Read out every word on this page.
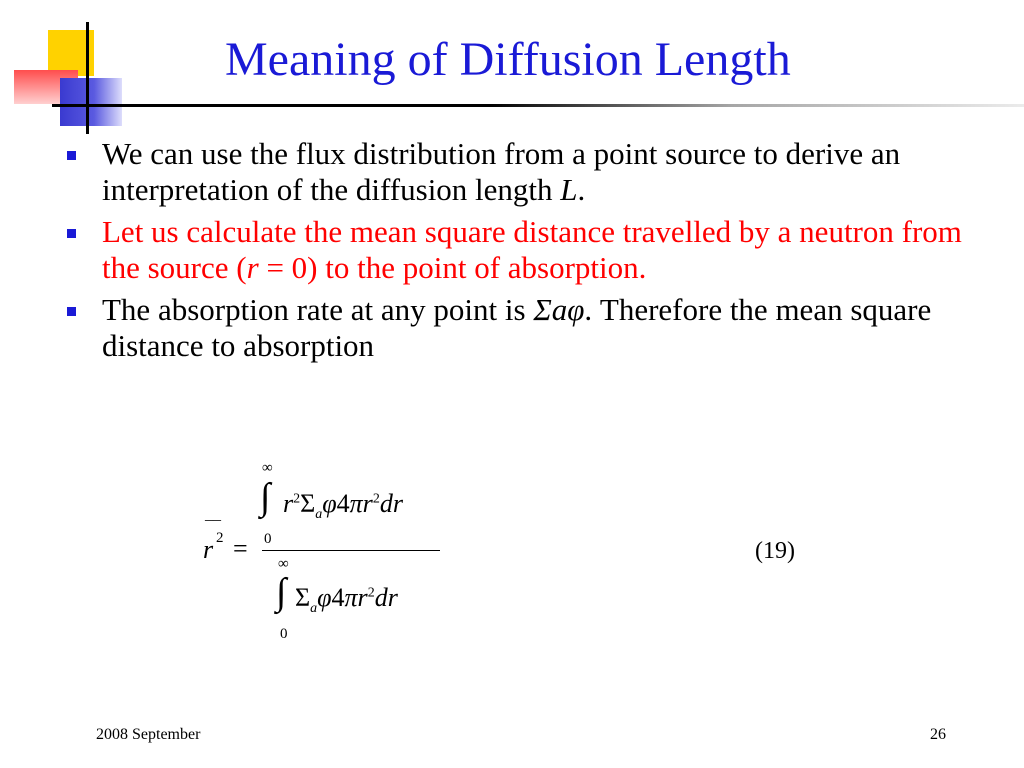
Meaning of Diffusion Length
We can use the flux distribution from a point source to derive an interpretation of the diffusion length L.
Let us calculate the mean square distance travelled by a neutron from the source (r = 0) to the point of absorption.
The absorption rate at any point is Σaφ. Therefore the mean square distance to absorption
__
r 2 =
∞
∫
0
$r^2\Sigma_a\varphi 4\pi r^2dr$
∞
∫
0
$\Sigma_a\varphi 4\pi r^2dr$
(19)
2008 September	26
